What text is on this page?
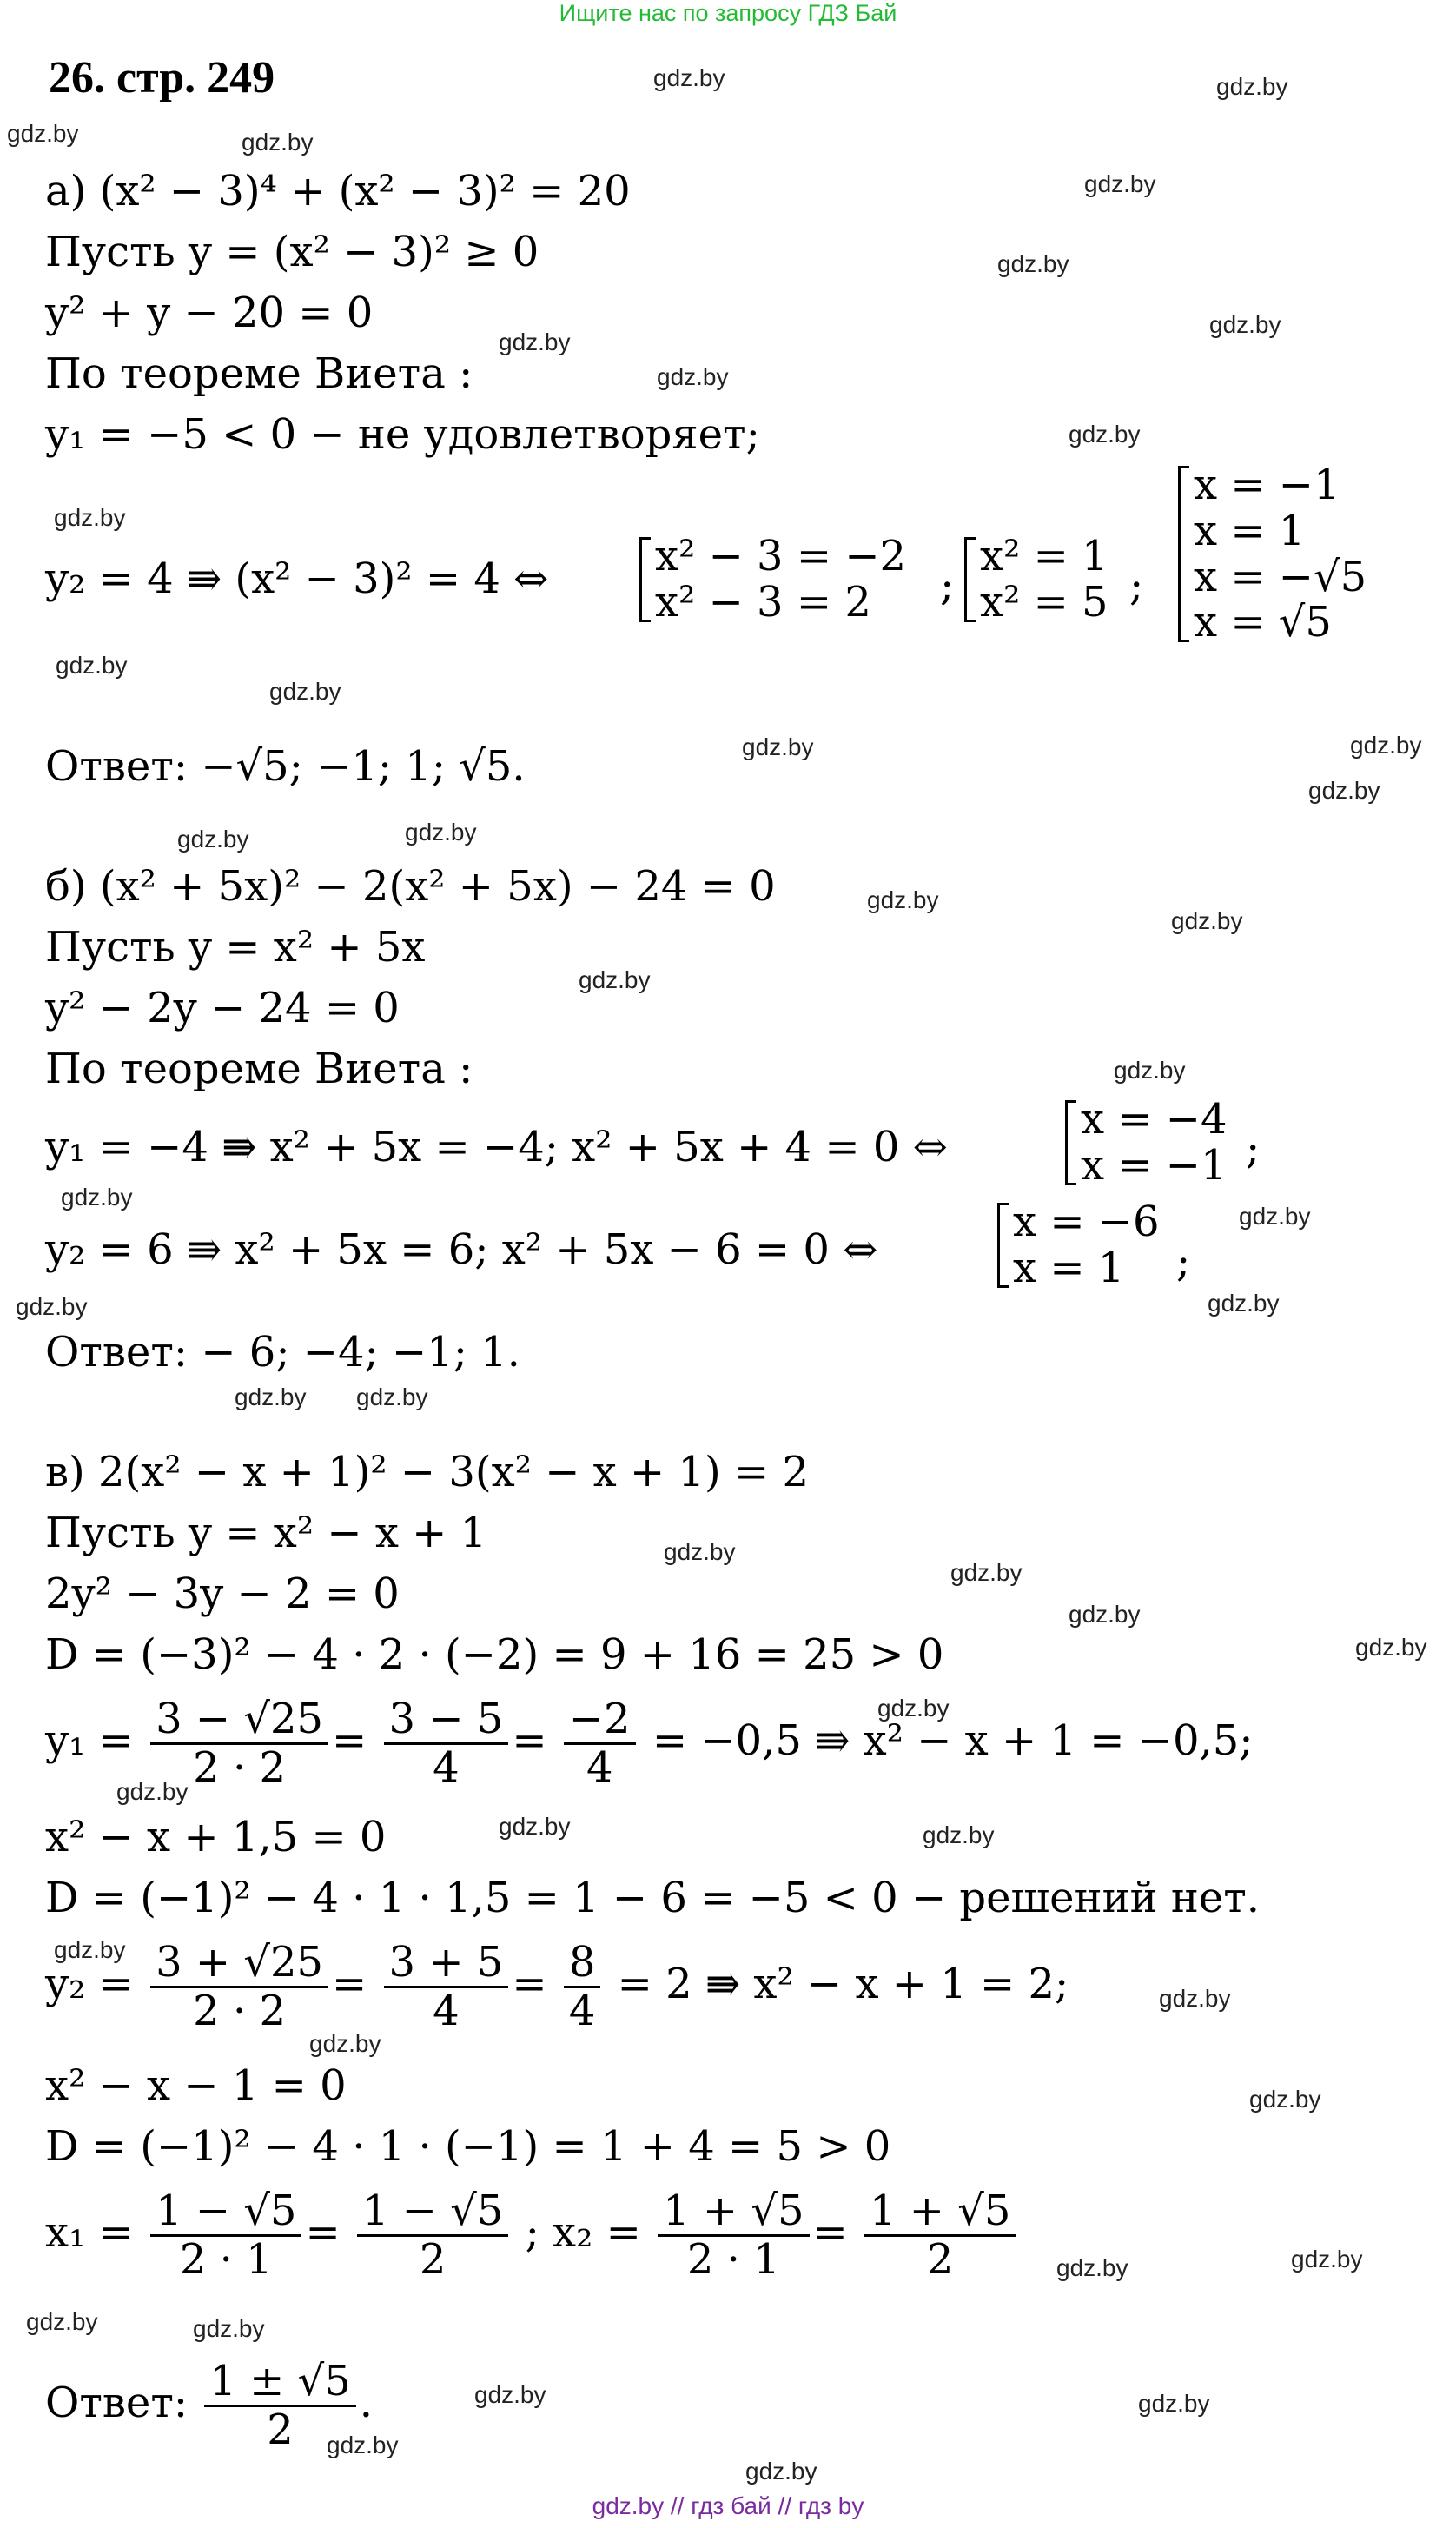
Ищите нас по запросу ГДЗ Бай
26. стр. 249	gdz.by	gdz.by
gdz.by	gdz.by
gdz.by
gdz.by
gdz.by
gdz.by
gdz.by
gdz.by
gdz.by
gdz.by
gdz.by
gdz.by	gdz.by
gdz.by
gdz.by	gdz.by
gdz.by
gdz.by
gdz.by
gdz.by
gdz.by
gdz.by
gdz.by	gdz.by
gdz.by gdz.by
gdz.by
gdz.by
gdz.by
gdz.by
gdz.by
gdz.by
gdz.by	gdz.by
gdz.by
gdz.by
gdz.by
gdz.by
gdz.by	gdz.by
gdz.by	gdz.by
gdz.by	gdz.by
gdz.by
gdz.by
а) (x² − 3)⁴ + (x² − 3)² = 20
Пусть y = (x² − 3)² ≥ 0
y² + y − 20 = 0
По теореме Виета :
y₁ = −5 < 0 − не удовлетворяет;
y₂ = 4 ⇛ (x² − 3)² = 4 ⇔	x² − 3 = −2
x² − 3 = 2	;
x² = 1
x² = 5 ;
x = −1
x = 1
x = −√5
x = √5
Ответ: −√5; −1; 1; √5.
б) (x² + 5x)² − 2(x² + 5x) − 24 = 0
Пусть y = x² + 5x
y² − 2y − 24 = 0
По теореме Виета :
y₁ = −4 ⇛ x² + 5x = −4; x² + 5x + 4 = 0 ⇔
x = −4
x = −1 ;
y₂ = 6 ⇛ x² + 5x = 6; x² + 5x − 6 = 0 ⇔
x = −6
x = 1	;
Ответ: − 6; −4; −1; 1.
в) 2(x² − x + 1)² − 3(x² − x + 1) = 2
Пусть y = x² − x + 1
2y² − 3y − 2 = 0
D = (−3)² − 4 · 2 · (−2) = 9 + 16 = 25 > 0
$y_1 = \frac{3 - √25}{2 \cdot 2} = \frac{3 - 5}{4} = \frac{-2}{4} = -0,5$ ⇛ x² − x + 1 = −0,5;
x² − x + 1,5 = 0
D = (−1)² − 4 · 1 · 1,5 = 1 − 6 = −5 < 0 − решений нет.
$y_2 = \frac{3 + √25}{2 \cdot 2} = \frac{3 + 5}{4} = \frac{8}{4} = 2$ ⇛ x² − x + 1 = 2;
x² − x − 1 = 0
D = (−1)² − 4 · 1 · (−1) = 1 + 4 = 5 > 0
$x_1 = \frac{1 - √5}{2 \cdot 1} = \frac{1 - √5}{2}$ ; $x_2 = \frac{1 + √5}{2 \cdot 1} = \frac{1 + √5}{2}$
Ответ: $\frac{1 \pm √5}{2}$ .
gdz.by // гдз бай // гдз by
